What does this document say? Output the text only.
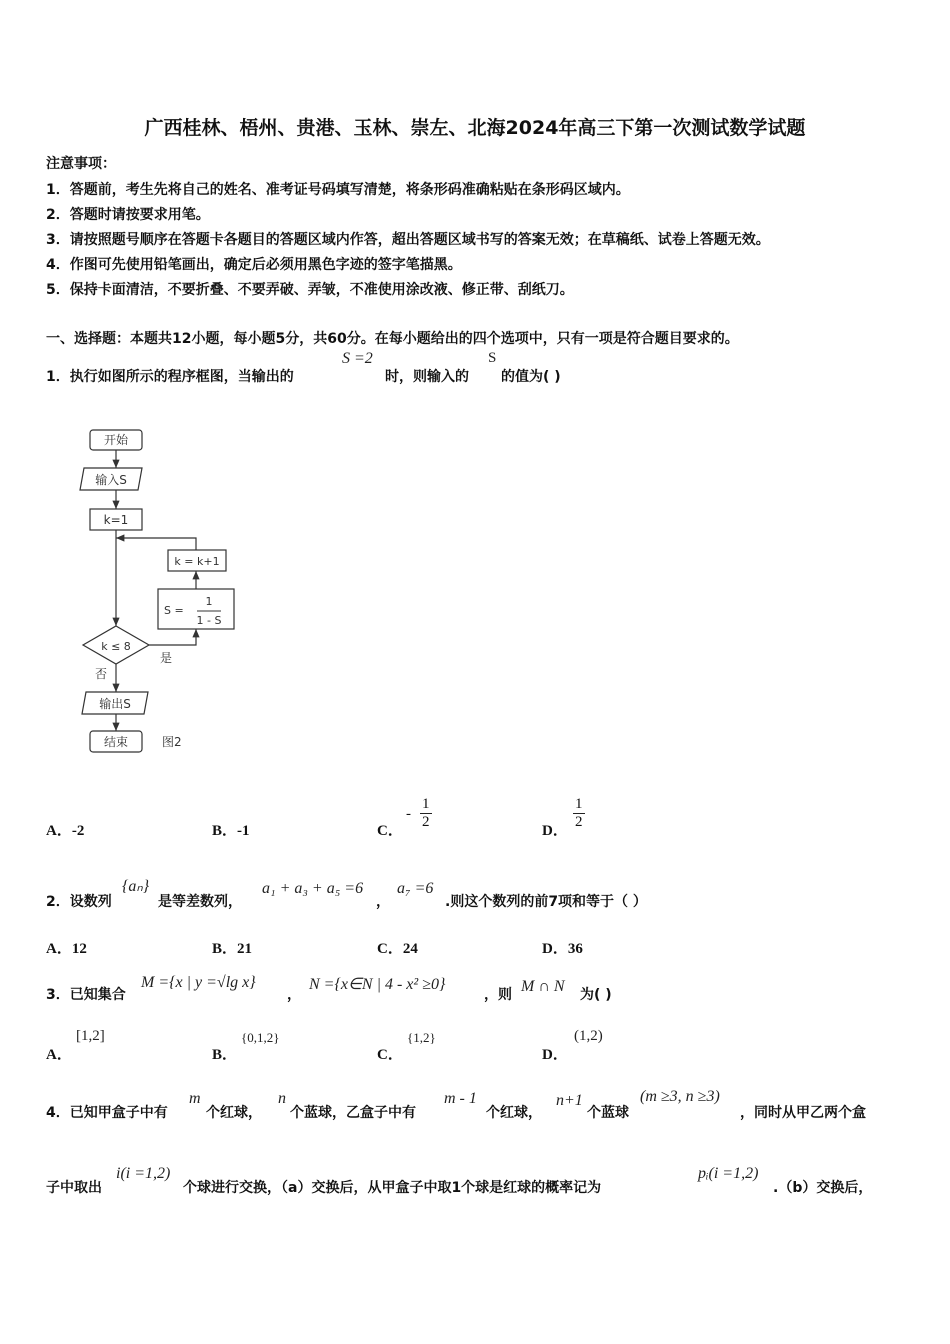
广西桂林、梧州、贵港、玉林、崇左、北海2024年高三下第一次测试数学试题
注意事项：
1．答题前，考生先将自己的姓名、准考证号码填写清楚，将条形码准确粘贴在条形码区域内。
2．答题时请按要求用笔。
3．请按照题号顺序在答题卡各题目的答题区域内作答，超出答题区域书写的答案无效；在草稿纸、试卷上答题无效。
4．作图可先使用铅笔画出，确定后必须用黑色字迹的签字笔描黑。
5．保持卡面清洁，不要折叠、不要弄破、弄皱，不准使用涂改液、修正带、刮纸刀。
一、选择题：本题共12小题，每小题5分，共60分。在每小题给出的四个选项中，只有一项是符合题目要求的。
1．执行如图所示的程序框图，当输出的
S =2
时，则输入的
S
的值为( )
开始
输入S
k=1
k = k+1
S =
1
1 - S
k ≤ 8
是
否
输出S
结束	图2
A．-2	B．-1	C．
- $\frac{1}{2}$	D． $\frac{1}{2}$
2．设数列
{aₙ}
是等差数列，
a₁ + a₃ + a₅ =6
，
a₇ =6
.则这个数列的前7项和等于（ ）
A．12	B．21	C．24	D．36
3．已知集合
M ={x | y =√lg x}
，
N ={x∈N | 4 - x² ≥0}
，则 M ∩ N 为( )
A．
[1,2]
B．
{0,1,2}
C．
{1,2}
D．
(1,2)
4．已知甲盒子中有
m
个红球，
n
个蓝球，乙盒子中有
m - 1
个红球，
n+1
个蓝球
(m ≥3, n ≥3)
，同时从甲乙两个盒
子中取出
i(i =1,2)
个球进行交换，（a）交换后，从甲盒子中取1个球是红球的概率记为
pᵢ(i =1,2)
.（b）交换后，
